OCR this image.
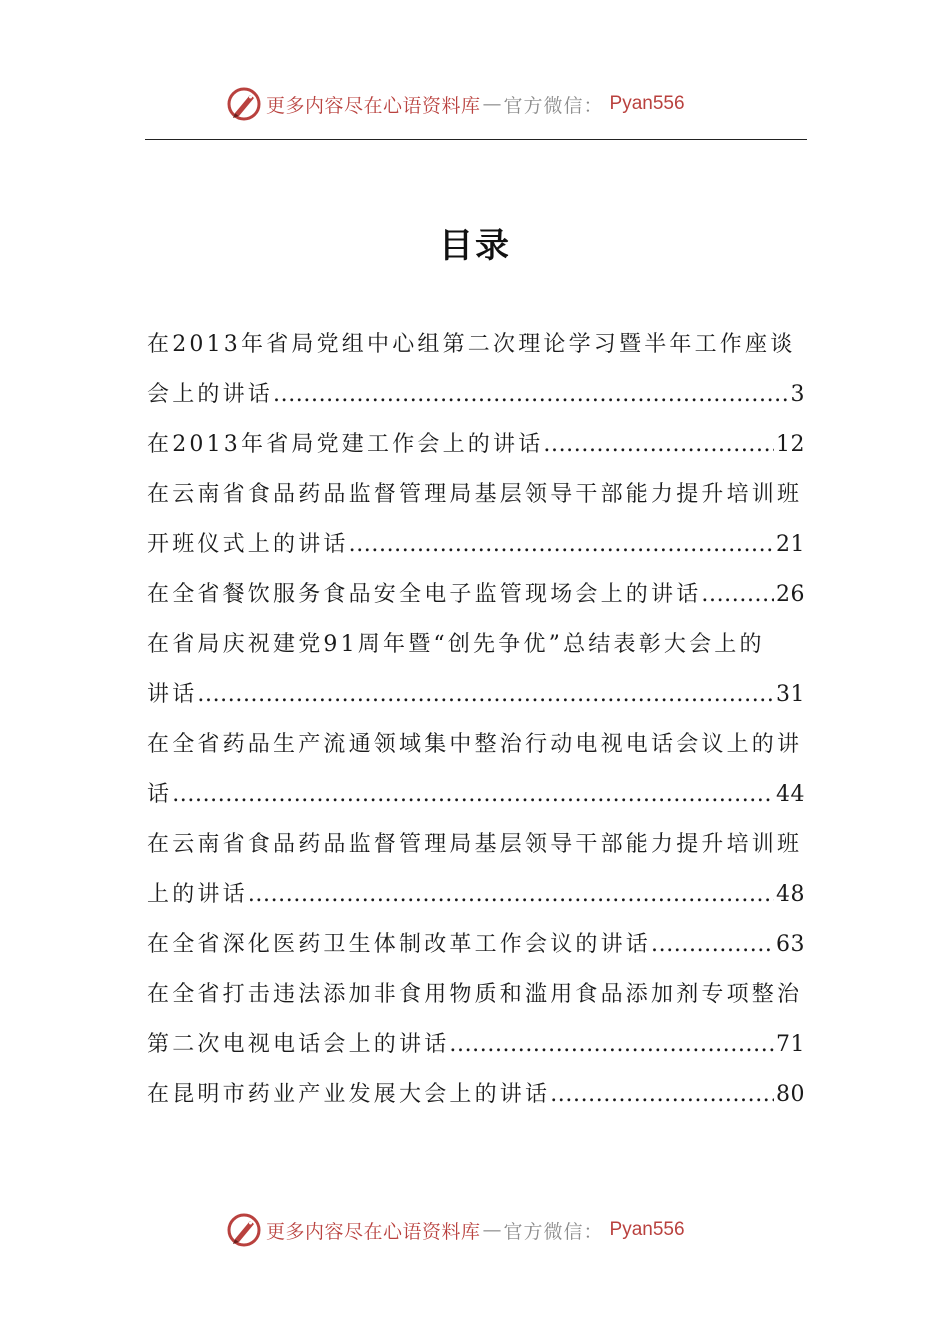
更多内容尽在心语资料库 — 官方微信： Pyan556
目录
在2013年省局党组中心组第二次理论学习暨半年工作座谈
会上的讲话 .....	3
在2013年省局党建工作会上的讲话 .....	12
在云南省食品药品监督管理局基层领导干部能力提升培训班
开班仪式上的讲话 .....	21
在全省餐饮服务食品安全电子监管现场会上的讲话 .....	26
在省局庆祝建党91周年暨“创先争优”总结表彰大会上的
讲话 .....	31
在全省药品生产流通领域集中整治行动电视电话会议上的讲
话 .....	44
在云南省食品药品监督管理局基层领导干部能力提升培训班
上的讲话 .....	48
在全省深化医药卫生体制改革工作会议的讲话 .....	63
在全省打击违法添加非食用物质和滥用食品添加剂专项整治
第二次电视电话会上的讲话 .....	71
在昆明市药业产业发展大会上的讲话 .....	80
更多内容尽在心语资料库 — 官方微信： Pyan556
